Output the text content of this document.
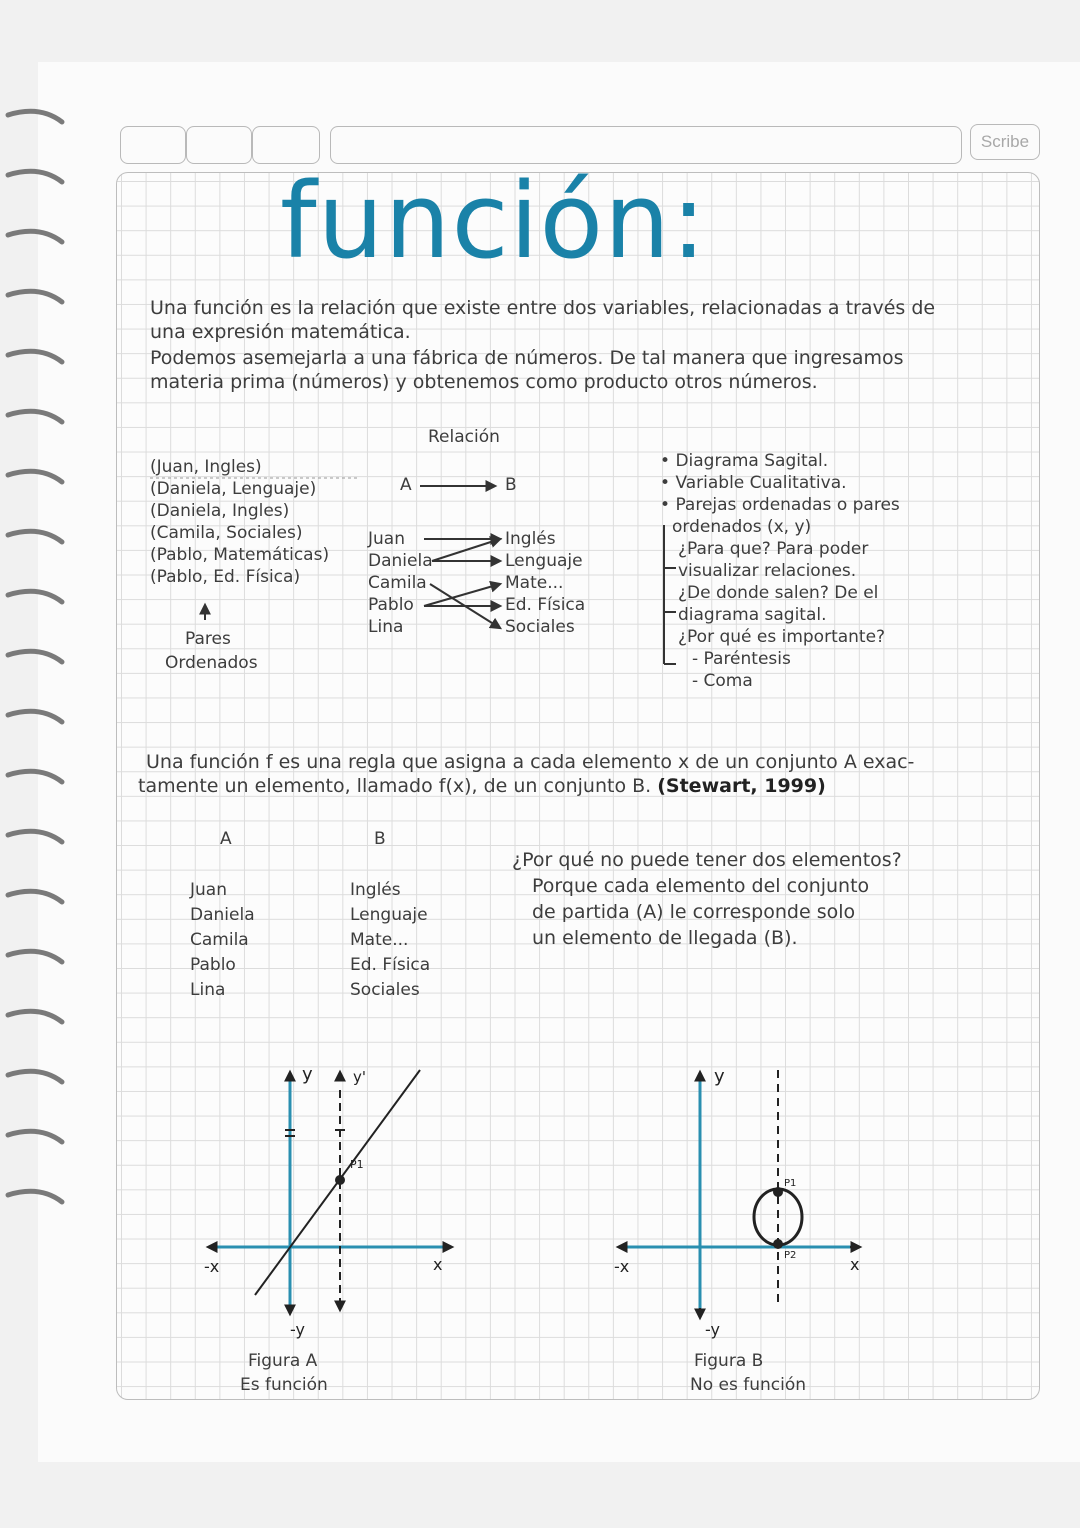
Scribe
función:
Una función es la relación que existe entre dos variables, relacionadas a través de
una expresión matemática.
Podemos asemejarla a una fábrica de números. De tal manera que ingresamos
materia prima (números) y obtenemos como producto otros números.
Relación
A	B
(Juan, Ingles)
(Daniela, Lenguaje)
(Daniela, Ingles)
(Camila, Sociales)
(Pablo, Matemáticas)
(Pablo, Ed. Física)
Pares
Ordenados
Juan
Daniela
Camila
Pablo
Lina
Inglés
Lenguaje
Mate...
Ed. Física
Sociales
• Diagrama Sagital.
• Variable Cualitativa.
• Parejas ordenadas o pares
ordenados (x, y)
¿Para que? Para poder
visualizar relaciones.
¿De donde salen? De el
diagrama sagital.
¿Por qué es importante?
- Paréntesis
- Coma
Una función f es una regla que asigna a cada elemento x de un conjunto A exac-
tamente un elemento, llamado f(x), de un conjunto B. (Stewart, 1999)
A	B
Juan
Daniela
Camila
Pablo
Lina
Inglés
Lenguaje
Mate...
Ed. Física
Sociales
¿Por qué no puede tener dos elementos?
Porque cada elemento del conjunto
de partida (A) le corresponde solo
un elemento de llegada (B).
y	y'
-y
x
-x
P1
Figura A
Es función
y
-y
x
-x
P1
P2
Figura B
No es función
